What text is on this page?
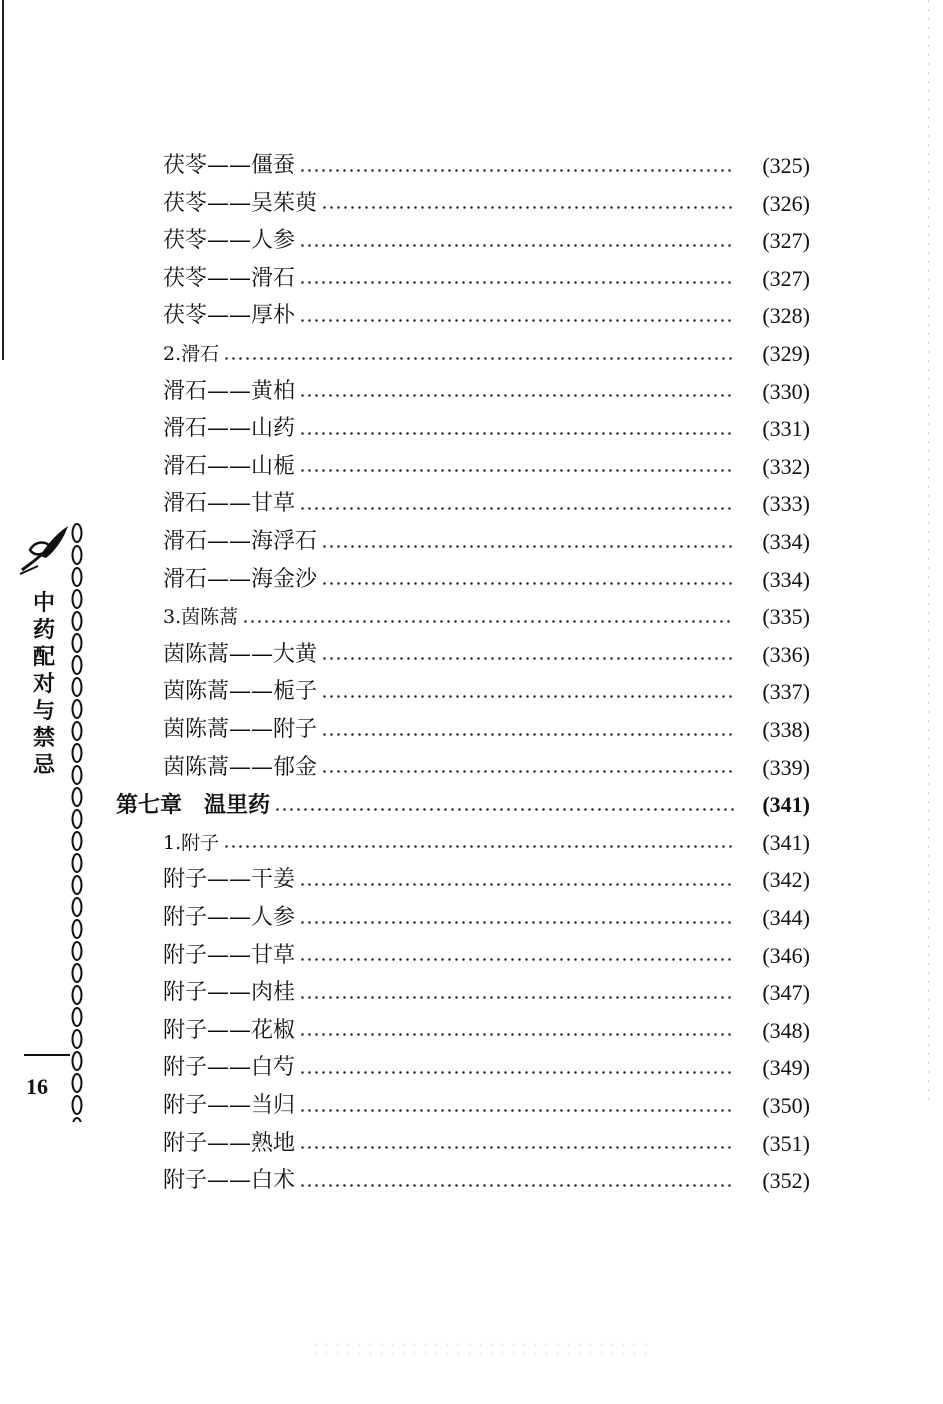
中药配对与禁忌
16
茯苓——僵蚕	(325)
茯苓——吴茱萸	(326)
茯苓——人参	(327)
茯苓——滑石	(327)
茯苓——厚朴	(328)
2.滑石	(329)
滑石——黄柏	(330)
滑石——山药	(331)
滑石——山栀	(332)
滑石——甘草	(333)
滑石——海浮石	(334)
滑石——海金沙	(334)
3.茵陈蒿	(335)
茵陈蒿——大黄	(336)
茵陈蒿——栀子	(337)
茵陈蒿——附子	(338)
茵陈蒿——郁金	(339)
第七章　温里药	(341)
1.附子	(341)
附子——干姜	(342)
附子——人参	(344)
附子——甘草	(346)
附子——肉桂	(347)
附子——花椒	(348)
附子——白芍	(349)
附子——当归	(350)
附子——熟地	(351)
附子——白术	(352)
